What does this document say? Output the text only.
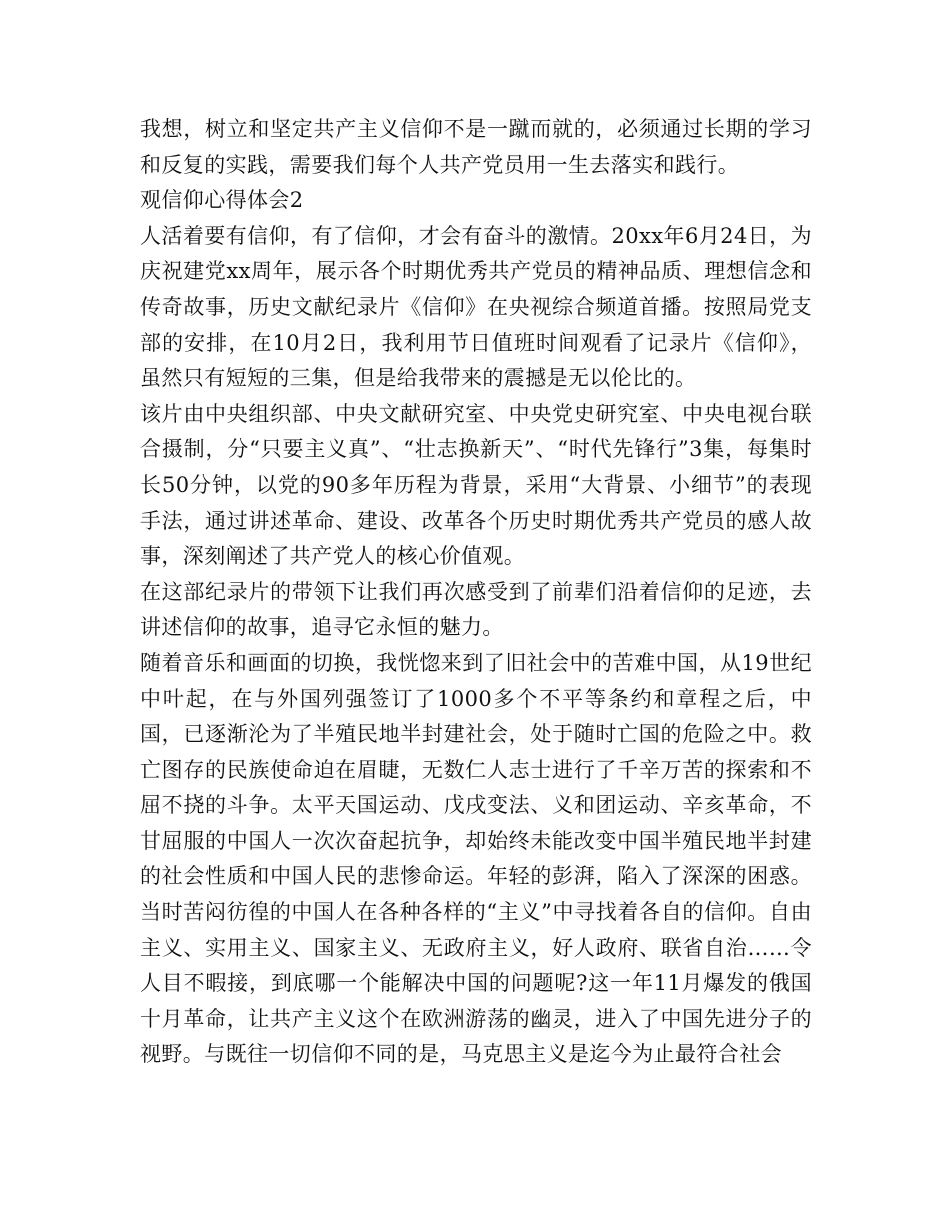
我想，树立和坚定共产主义信仰不是一蹴而就的，必须通过长期的学习和反复的实践，需要我们每个人共产党员用一生去落实和践行。

观信仰心得体会2

人活着要有信仰，有了信仰，才会有奋斗的激情。20xx年6月24日，为庆祝建党xx周年，展示各个时期优秀共产党员的精神品质、理想信念和传奇故事，历史文献纪录片《信仰》在央视综合频道首播。按照局党支部的安排，在10月2日，我利用节日值班时间观看了记录片《信仰》，虽然只有短短的三集，但是给我带来的震撼是无以伦比的。

该片由中央组织部、中央文献研究室、中央党史研究室、中央电视台联合摄制，分“只要主义真”、“壮志换新天”、“时代先锋行”3集，每集时长50分钟，以党的90多年历程为背景，采用“大背景、小细节”的表现手法，通过讲述革命、建设、改革各个历史时期优秀共产党员的感人故事，深刻阐述了共产党人的核心价值观。

在这部纪录片的带领下让我们再次感受到了前辈们沿着信仰的足迹，去讲述信仰的故事，追寻它永恒的魅力。

随着音乐和画面的切换，我恍惚来到了旧社会中的苦难中国，从19世纪中叶起，在与外国列强签订了1000多个不平等条约和章程之后，中国，已逐渐沦为了半殖民地半封建社会，处于随时亡国的危险之中。救亡图存的民族使命迫在眉睫，无数仁人志士进行了千辛万苦的探索和不屈不挠的斗争。太平天国运动、戊戌变法、义和团运动、辛亥革命，不甘屈服的中国人一次次奋起抗争，却始终未能改变中国半殖民地半封建的社会性质和中国人民的悲惨命运。年轻的彭湃，陷入了深深的困惑。当时苦闷彷徨的中国人在各种各样的“主义”中寻找着各自的信仰。自由主义、实用主义、国家主义、无政府主义，好人政府、联省自治……令人目不暇接，到底哪一个能解决中国的问题呢?这一年11月爆发的俄国十月革命，让共产主义这个在欧洲游荡的幽灵，进入了中国先进分子的视野。与既往一切信仰不同的是，马克思主义是迄今为止最符合社会
